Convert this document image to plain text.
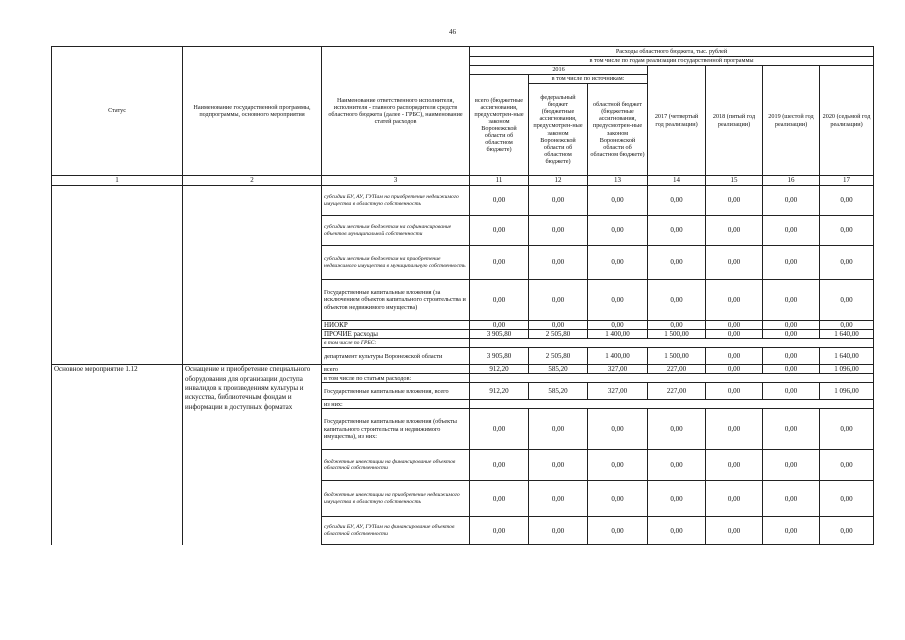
46
Статус	Наименование государственной программы, подпрограммы, основного мероприятия	Наименование ответственного исполнителя, исполнителя - главного распорядителя средств областного бюджета (далее - ГРБС), наименование статей расходов	Расходы областного бюджета, тыс. рублей						
			в том числе по годам реализации государственной программы						
			2016			2017 (четвертый год реализации)	2018 (пятый год реализации)	2019 (шестой год реализации)	2020 (седьмой год реализации)
			всего (бюджетные ассигнования, предусмотрен-ные законом Воронежской области об областном бюджете)	в том числе по источникам:					
				федеральный бюджет (бюджетные ассигнования, предусмотрен-ные законом Воронежской области об областном бюджете)	областной бюджет (бюджетные ассигнования, предусмотрен-ные законом Воронежской области об областном бюджете)				
1	2	3	11	12	13	14	15	16	17
		субсидии БУ, АУ, ГУПам на приобретение недвижимого имущества в областную собственность	0,00	0,00	0,00	0,00	0,00	0,00	0,00
		субсидии местным бюджетам на софинансирование объектов муниципальной собственности	0,00	0,00	0,00	0,00	0,00	0,00	0,00
		субсидии местным бюджетам на приобретение недвижимого имущества в муниципальную собственность	0,00	0,00	0,00	0,00	0,00	0,00	0,00
		Государственные капитальные вложения (за исключением объектов капитального строительства и объектов недвижимого имущества)	0,00	0,00	0,00	0,00	0,00	0,00	0,00
		НИОКР	0,00	0,00	0,00	0,00	0,00	0,00	0,00
		ПРОЧИЕ расходы	3 905,80	2 505,80	1 400,00	1 500,00	0,00	0,00	1 640,00
		в том числе по ГРБС:							
		департамент культуры Воронежской области	3 905,80	2 505,80	1 400,00	1 500,00	0,00	0,00	1 640,00
Основное мероприятие 1.12	Оснащение и приобретение специального оборудования для организации доступа инвалидов к произведениям культуры и искусства, библиотечным фондам и информации в доступных форматах	всего	912,20	585,20	327,00	227,00	0,00	0,00	1 096,00
		в том числе по статьям расходов:							
		Государственные капитальные вложения, всего	912,20	585,20	327,00	227,00	0,00	0,00	1 096,00
		из них:							
		Государственные капитальные вложения (объекты капитального строительства и недвижимого имущества), из них:	0,00	0,00	0,00	0,00	0,00	0,00	0,00
		бюджетные инвестиции на финансирование объектов областной собственности	0,00	0,00	0,00	0,00	0,00	0,00	0,00
		бюджетные инвестиции на приобретение недвижимого имущества в областную собственность	0,00	0,00	0,00	0,00	0,00	0,00	0,00
		субсидии БУ, АУ, ГУПам на финансирование объектов областной собственности	0,00	0,00	0,00	0,00	0,00	0,00	0,00
